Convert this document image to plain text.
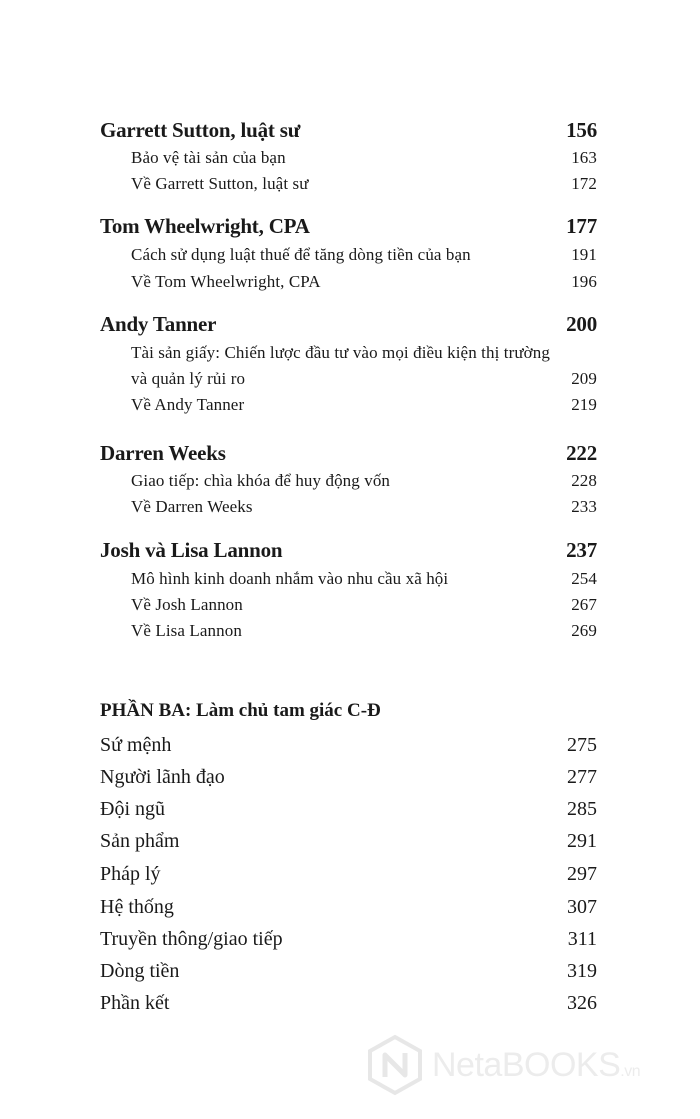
Garrett Sutton, luật sư	156
Bảo vệ tài sản của bạn	163
Về Garrett Sutton, luật sư	172
Tom Wheelwright, CPA	177
Cách sử dụng luật thuế để tăng dòng tiền của bạn	191
Về Tom Wheelwright, CPA	196
Andy Tanner	200
Tài sản giấy: Chiến lược đầu tư vào mọi điều kiện thị trường
và quản lý rủi ro	209
Về Andy Tanner	219
Darren Weeks	222
Giao tiếp: chìa khóa để huy động vốn	228
Về Darren Weeks	233
Josh và Lisa Lannon	237
Mô hình kinh doanh nhắm vào nhu cầu xã hội	254
Về Josh Lannon	267
Về Lisa Lannon	269
PHẦN BA: Làm chủ tam giác C-Đ
Sứ mệnh	275
Người lãnh đạo	277
Đội ngũ	285
Sản phẩm	291
Pháp lý	297
Hệ thống	307
Truyền thông/giao tiếp	311
Dòng tiền	319
Phần kết	326
NetaBOOKS.vn
